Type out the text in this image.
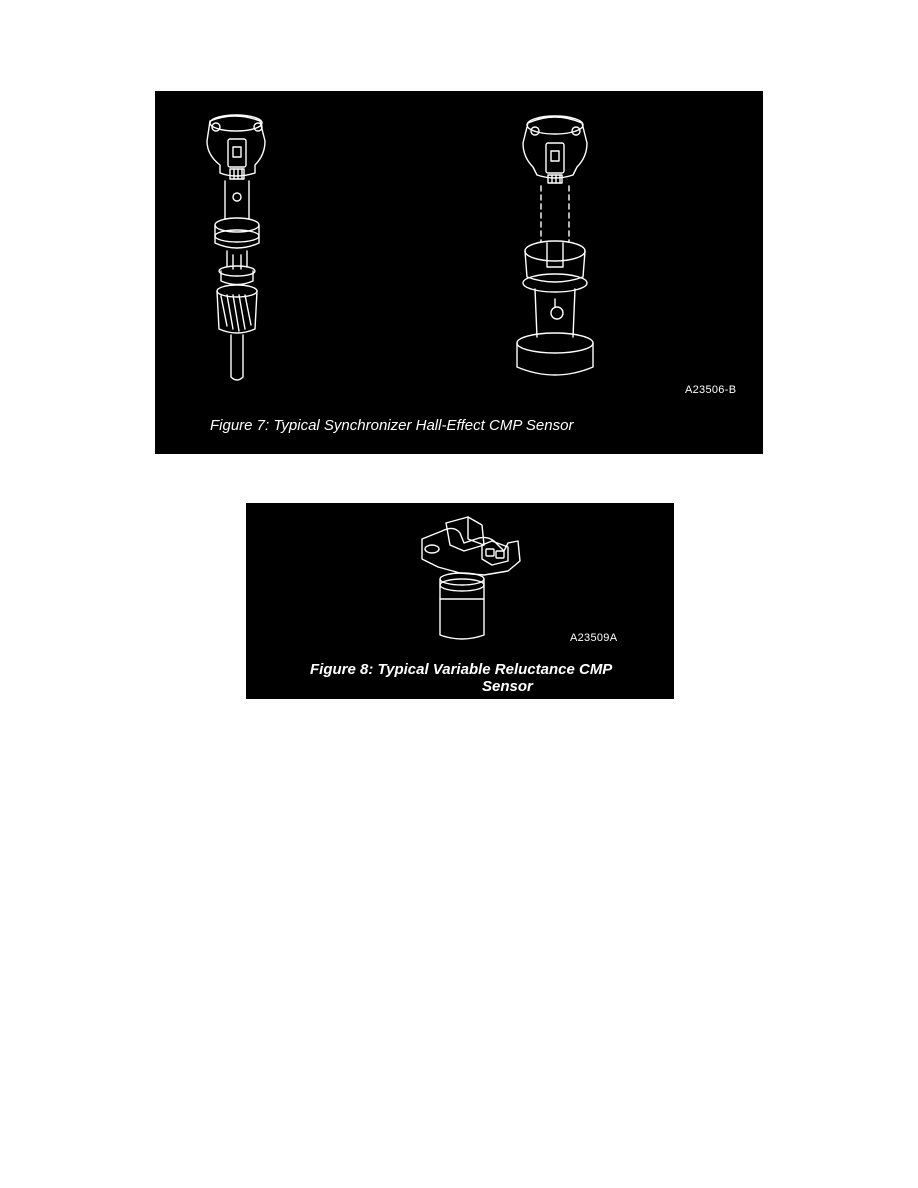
A23506-B
Figure 7: Typical Synchronizer Hall-Effect CMP Sensor
A23509A
Figure 8: Typical Variable Reluctance CMP
Sensor
